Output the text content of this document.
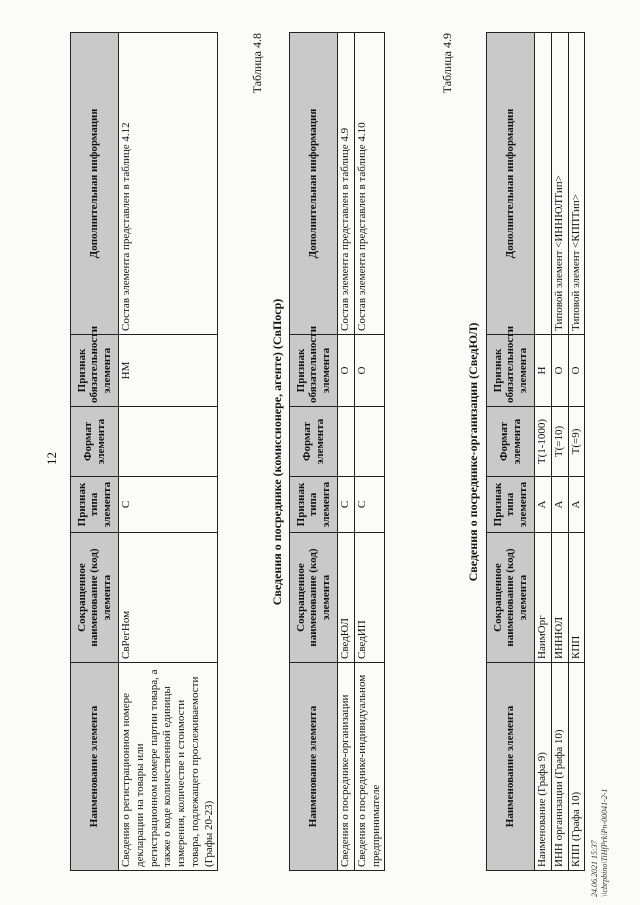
12
Наименование элемента	Сокращенное наименование (код) элемента	Признак типа элемента	Формат элемента	Признак обязательности элемента	Дополнительная информация
Сведения о регистрационном номере декларации на товары или регистрационном номере партии товара, а также о коде количественной единицы измерения, количестве и стоимости товара, подлежащего прослеживаемости (Графы 20-23)	СвРегНом	С		НМ	Состав элемента представлен в таблице 4.12
Таблица 4.8
Сведения о посреднике (комиссионере, агенте) (СвПоср)
Наименование элемента	Сокращенное наименование (код) элемента	Признак типа элемента	Формат элемента	Признак обязательности элемента	Дополнительная информация
Сведения о посреднике-организации	СведЮЛ	С		О	Состав элемента представлен в таблице 4.9
Сведения о посреднике-индивидуальном предпринимателе	СведИП	С		О	Состав элемента представлен в таблице 4.10
Таблица 4.9
Сведения о посреднике-организации (СведЮЛ)
Наименование элемента	Сокращенное наименование (код) элемента	Признак типа элемента	Формат элемента	Признак обязательности элемента	Дополнительная информация
Наименование (Графа 9)	НаимОрг	А	T(1-1000)	Н	
ИНН организации (Графа 10)	ИННЮЛ	А	T(=10)	О	Типовой элемент <ИННЮЛТип>
КПП (Графа 10)	КПП	А	T(=9)	О	Типовой элемент <КППТип>
24.06.2021 15:37 \\cbrpbino\TiHfPrk\Pn-00041-2-1
